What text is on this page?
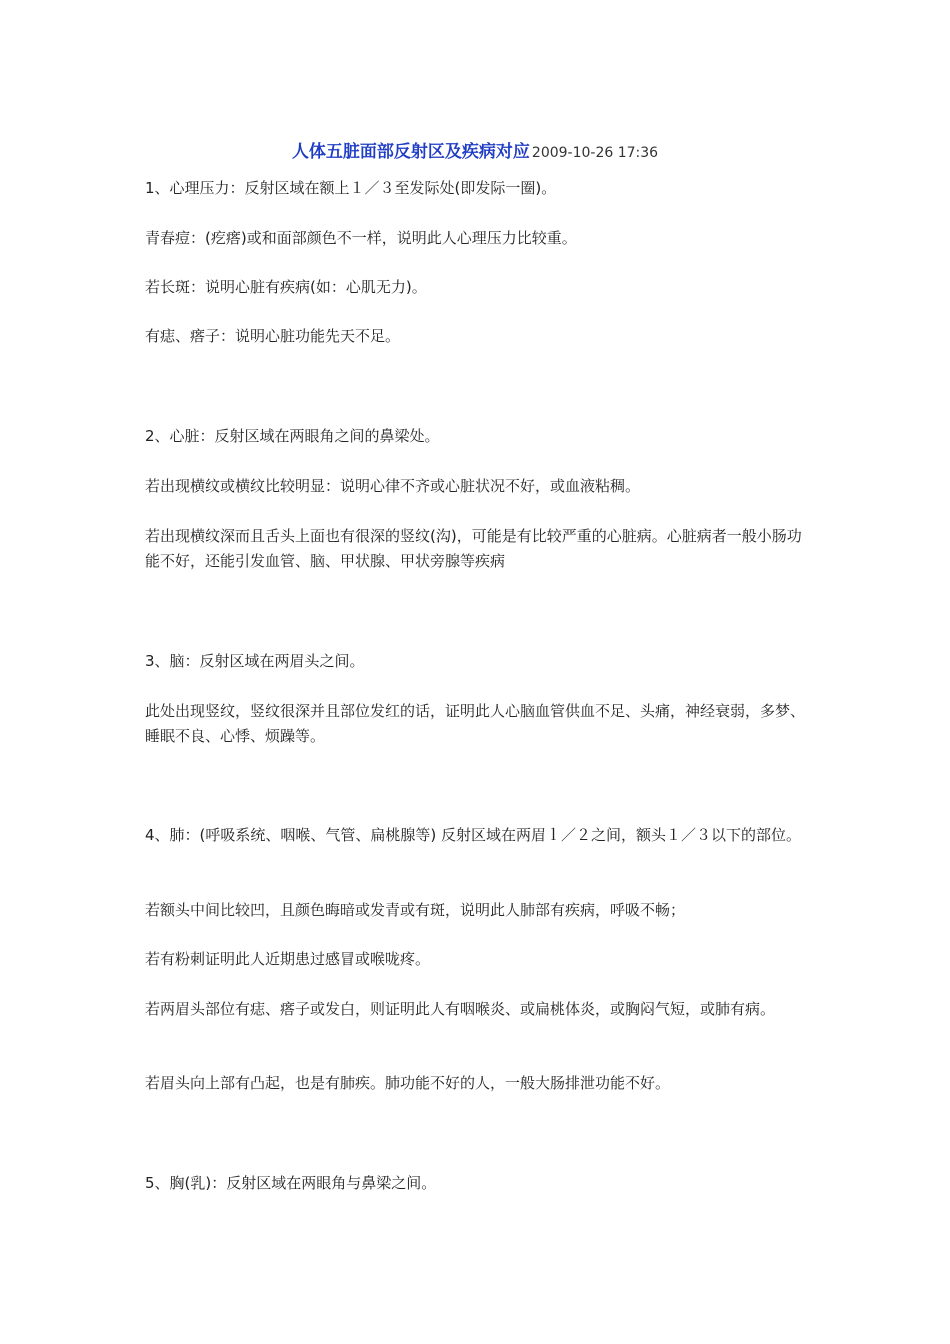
人体五脏面部反射区及疾病对应 2009-10-26 17:36
1、心理压力：反射区域在额上１／３至发际处(即发际一圈)。
青春痘：(疙瘩)或和面部颜色不一样，说明此人心理压力比较重。
若长斑：说明心脏有疾病(如：心肌无力)。
有痣、瘩子：说明心脏功能先天不足。
2、心脏：反射区域在两眼角之间的鼻梁处。
若出现横纹或横纹比较明显：说明心律不齐或心脏状况不好，或血液粘稠。
若出现横纹深而且舌头上面也有很深的竖纹(沟)，可能是有比较严重的心脏病。心脏病者一般小肠功能不好，还能引发血管、脑、甲状腺、甲状旁腺等疾病
3、脑：反射区域在两眉头之间。
此处出现竖纹，竖纹很深并且部位发红的话，证明此人心脑血管供血不足、头痛，神经衰弱，多梦、睡眠不良、心悸、烦躁等。
4、肺：(呼吸系统、咽喉、气管、扁桃腺等) 反射区域在两眉ｌ／２之间，额头１／３以下的部位。
若额头中间比较凹，且颜色晦暗或发青或有斑，说明此人肺部有疾病，呼吸不畅；
若有粉刺证明此人近期患过感冒或喉咙疼。
若两眉头部位有痣、瘩子或发白，则证明此人有咽喉炎、或扁桃体炎，或胸闷气短，或肺有病。
若眉头向上部有凸起，也是有肺疾。肺功能不好的人，一般大肠排泄功能不好。
5、胸(乳)：反射区域在两眼角与鼻梁之间。
